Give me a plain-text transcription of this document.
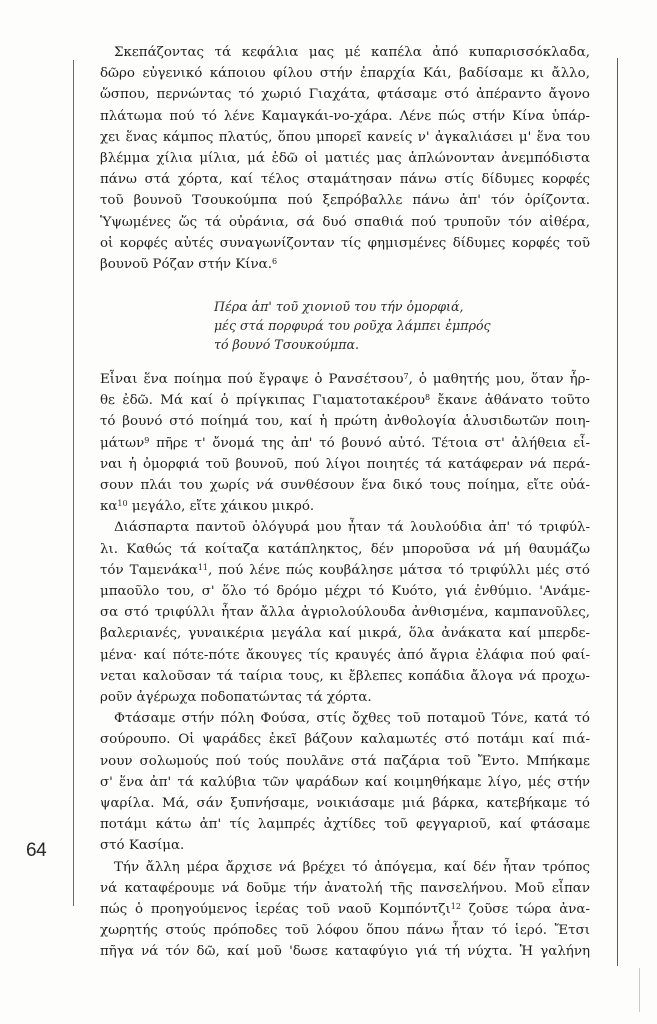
64
Σκεπάζοντας τά κεφάλια μας μέ καπέλα ἀπό κυπαρισσόκλαδα,
δῶρο εὐγενικό κάποιου φίλου στήν ἐπαρχία Κάι, βαδίσαμε κι ἄλλο,
ὥσπου, περνώντας τό χωριό Γιαχάτα, φτάσαμε στό ἀπέραντο ἄγονο
πλάτωμα πού τό λένε Καμαγκάι-νο-χάρα. Λένε πώς στήν Κίνα ὑπάρ-
χει ἕνας κάμπος πλατύς, ὅπου μπορεῖ κανείς ν' ἀγκαλιάσει μ' ἕνα του
βλέμμα χίλια μίλια, μά ἐδῶ οἱ ματιές μας ἁπλώνονταν ἀνεμπόδιστα
πάνω στά χόρτα, καί τέλος σταμάτησαν πάνω στίς δίδυμες κορφές
τοῦ βουνοῦ Τσουκούμπα πού ξεπρόβαλλε πάνω ἀπ' τόν ὁρίζοντα.
Ὑψωμένες ὥς τά οὐράνια, σά δυό σπαθιά πού τρυποῦν τόν αἰθέρα,
οἱ κορφές αὐτές συναγωνίζονταν τίς φημισμένες δίδυμες κορφές τοῦ
βουνοῦ Ρόζαν στήν Κίνα.$^6$
Πέρα ἀπ' τοῦ χιονιοῦ του τήν ὀμορφιά,
μές στά πορφυρά του ροῦχα λάμπει ἐμπρός
τό βουνό Τσουκούμπα.
Εἶναι ἕνα ποίημα πού ἔγραψε ὁ Ρανσέτσου$^7$, ὁ μαθητής μου, ὅταν ἦρ-
θε ἐδῶ. Μά καί ὁ πρίγκιπας Γιαματοτακέρου$^8$ ἔκανε ἀθάνατο τοῦτο
τό βουνό στό ποίημά του, καί ἡ πρώτη ἀνθολογία ἁλυσιδωτῶν ποιη-
μάτων$^9$ πῆρε τ' ὄνομά της ἀπ' τό βουνό αὐτό. Τέτοια στ' ἀλήθεια εἶ-
ναι ἡ ὀμορφιά τοῦ βουνοῦ, πού λίγοι ποιητές τά κατάφεραν νά περά-
σουν πλάι του χωρίς νά συνθέσουν ἕνα δικό τους ποίημα, εἴτε οὐά-
$\kappa\alpha^{10}$ μεγάλο, εἴτε χάικου μικρό.
Διάσπαρτα παντοῦ ὁλόγυρά μου ἦταν τά λουλούδια ἀπ' τό τριφύλ-
λι. Καθώς τά κοίταζα κατάπληκτος, δέν μποροῦσα νά μή θαυμάζω
τόν Ταμενάκα$^{11}$, πού λένε πώς κουβάλησε μάτσα τό τριφύλλι μές στό
μπαοῦλο του, σ' ὅλο τό δρόμο μέχρι τό Κυότο, γιά ἐνθύμιο. 'Ανάμε-
σα στό τριφύλλι ἦταν ἄλλα ἀγριολούλουδα ἀνθισμένα, καμπανοῦλες,
βαλεριανές, γυναικέρια μεγάλα καί μικρά, ὅλα ἀνάκατα καί μπερδε-
μένα· καί πότε-πότε ἄκουγες τίς κραυγές ἀπό ἄγρια ἐλάφια πού φαί-
νεται καλοῦσαν τά ταίρια τους, κι ἔβλεπες κοπάδια ἄλογα νά προχω-
ροῦν ἀγέρωχα ποδοπατώντας τά χόρτα.
Φτάσαμε στήν πόλη Φούσα, στίς ὄχθες τοῦ ποταμοῦ Τόνε, κατά τό
σούρουπο. Οἱ ψαράδες ἐκεῖ βάζουν καλαμωτές στό ποτάμι καί πιά-
νουν σολωμούς πού τούς πουλᾶνε στά παζάρια τοῦ Ἔντο. Μπήκαμε
σ' ἕνα ἀπ' τά καλύβια τῶν ψαράδων καί κοιμηθήκαμε λίγο, μές στήν
ψαρίλα. Μά, σάν ξυπνήσαμε, νοικιάσαμε μιά βάρκα, κατεβήκαμε τό
ποτάμι κάτω ἀπ' τίς λαμπρές ἀχτίδες τοῦ φεγγαριοῦ, καί φτάσαμε
στό Κασίμα.
Τήν ἄλλη μέρα ἄρχισε νά βρέχει τό ἀπόγεμα, καί δέν ἦταν τρόπος
νά καταφέρουμε νά δοῦμε τήν ἀνατολή τῆς πανσελήνου. Μοῦ εἶπαν
πώς ὁ προηγούμενος ἱερέας τοῦ ναοῦ Κομπόντζι$^{12}$ ζοῦσε τώρα ἀνα-
χωρητής στούς πρόποδες τοῦ λόφου ὅπου πάνω ἦταν τό ἱερό. Ἔτσι
πῆγα νά τόν δῶ, καί μοῦ 'δωσε καταφύγιο γιά τή νύχτα. Ἡ γαλήνη
